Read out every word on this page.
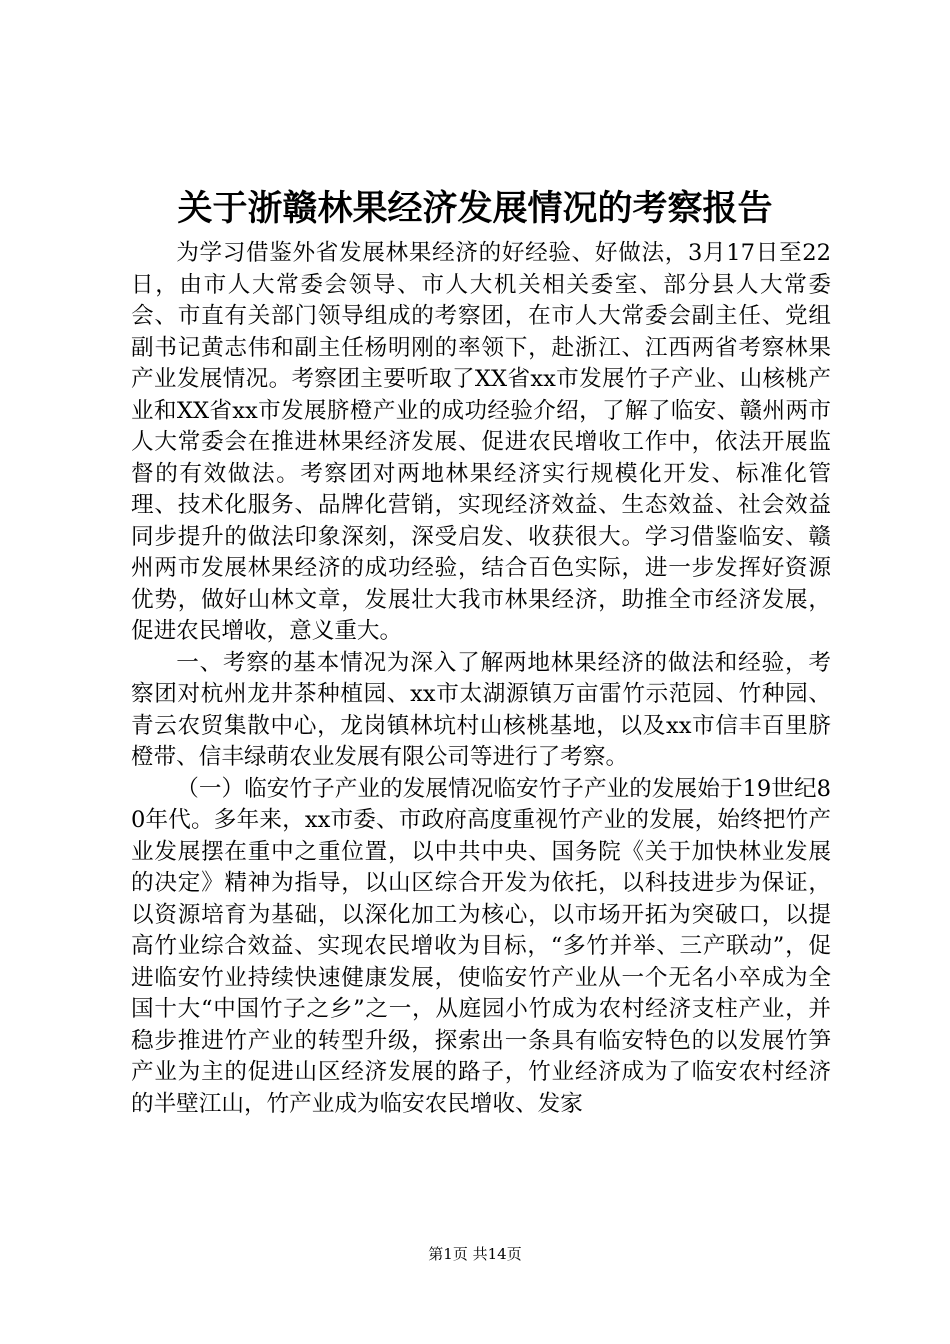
关于浙赣林果经济发展情况的考察报告

为学习借鉴外省发展林果经济的好经验、好做法，3月17日至22日，由市人大常委会领导、市人大机关相关委室、部分县人大常委会、市直有关部门领导组成的考察团，在市人大常委会副主任、党组副书记黄志伟和副主任杨明刚的率领下，赴浙江、江西两省考察林果产业发展情况。考察团主要听取了XX省xx市发展竹子产业、山核桃产业和XX省xx市发展脐橙产业的成功经验介绍，了解了临安、赣州两市人大常委会在推进林果经济发展、促进农民增收工作中，依法开展监督的有效做法。考察团对两地林果经济实行规模化开发、标准化管理、技术化服务、品牌化营销，实现经济效益、生态效益、社会效益同步提升的做法印象深刻，深受启发、收获很大。学习借鉴临安、赣州两市发展林果经济的成功经验，结合百色实际，进一步发挥好资源优势，做好山林文章，发展壮大我市林果经济，助推全市经济发展，促进农民增收，意义重大。

一、考察的基本情况为深入了解两地林果经济的做法和经验，考察团对杭州龙井茶种植园、xx市太湖源镇万亩雷竹示范园、竹种园、青云农贸集散中心，龙岗镇林坑村山核桃基地，以及xx市信丰百里脐橙带、信丰绿萌农业发展有限公司等进行了考察。

（一）临安竹子产业的发展情况临安竹子产业的发展始于19世纪80年代。多年来，xx市委、市政府高度重视竹产业的发展，始终把竹产业发展摆在重中之重位置，以中共中央、国务院《关于加快林业发展的决定》精神为指导，以山区综合开发为依托，以科技进步为保证，以资源培育为基础，以深化加工为核心，以市场开拓为突破口，以提高竹业综合效益、实现农民增收为目标，“多竹并举、三产联动”，促进临安竹业持续快速健康发展，使临安竹产业从一个无名小卒成为全国十大“中国竹子之乡”之一，从庭园小竹成为农村经济支柱产业，并稳步推进竹产业的转型升级，探索出一条具有临安特色的以发展竹笋产业为主的促进山区经济发展的路子，竹业经济成为了临安农村经济的半壁江山，竹产业成为临安农民增收、发家

第1页 共14页
